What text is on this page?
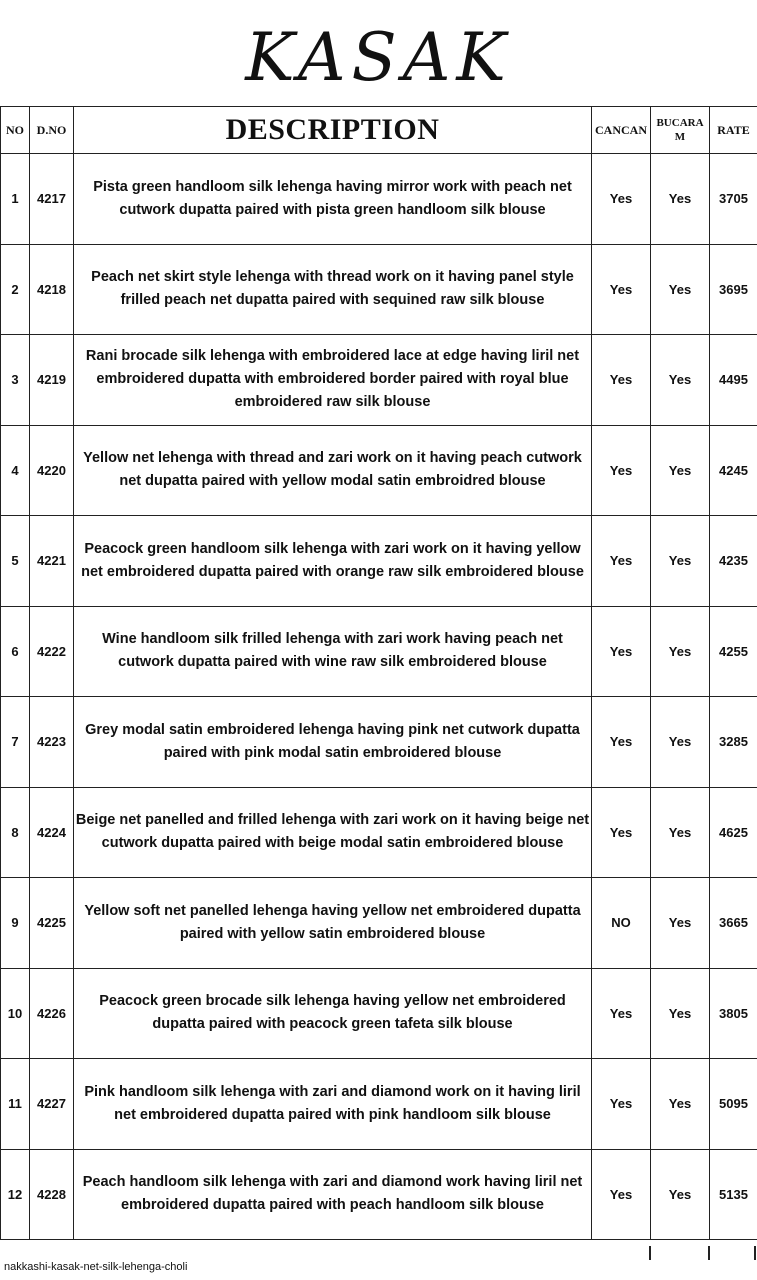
KASAK
NO	D.NO	DESCRIPTION	CANCAN	BUCARA M	RATE
1	4217	Pista green handloom silk lehenga having mirror work with peach net cutwork dupatta paired with pista green handloom silk blouse	Yes	Yes	3705
2	4218	Peach net skirt style lehenga with thread work on it having panel style frilled peach net dupatta paired with sequined raw silk blouse	Yes	Yes	3695
3	4219	Rani brocade silk lehenga with embroidered lace at edge having liril net embroidered dupatta with embroidered border paired with royal blue embroidered raw silk blouse	Yes	Yes	4495
4	4220	Yellow net lehenga with thread and zari work on it having peach cutwork net dupatta paired with yellow modal satin embroidred blouse	Yes	Yes	4245
5	4221	Peacock green handloom silk lehenga with zari work on it having yellow net embroidered dupatta paired with orange raw silk embroidered blouse	Yes	Yes	4235
6	4222	Wine handloom silk frilled lehenga with zari work having peach net cutwork dupatta paired with wine raw silk embroidered blouse	Yes	Yes	4255
7	4223	Grey modal satin embroidered lehenga having pink net cutwork dupatta paired with pink modal satin embroidered blouse	Yes	Yes	3285
8	4224	Beige net panelled and frilled lehenga with zari work on it having beige net cutwork dupatta paired with beige modal satin embroidered blouse	Yes	Yes	4625
9	4225	Yellow soft net panelled lehenga having yellow net embroidered dupatta paired with yellow satin embroidered blouse	NO	Yes	3665
10	4226	Peacock green brocade silk lehenga having yellow net embroidered dupatta paired with peacock green tafeta silk blouse	Yes	Yes	3805
11	4227	Pink handloom silk lehenga with zari and diamond work on it having liril net embroidered dupatta paired with pink handloom silk blouse	Yes	Yes	5095
12	4228	Peach handloom silk lehenga with zari and diamond work having liril net embroidered dupatta paired with peach handloom silk blouse	Yes	Yes	5135
nakkashi-kasak-net-silk-lehenga-choli
